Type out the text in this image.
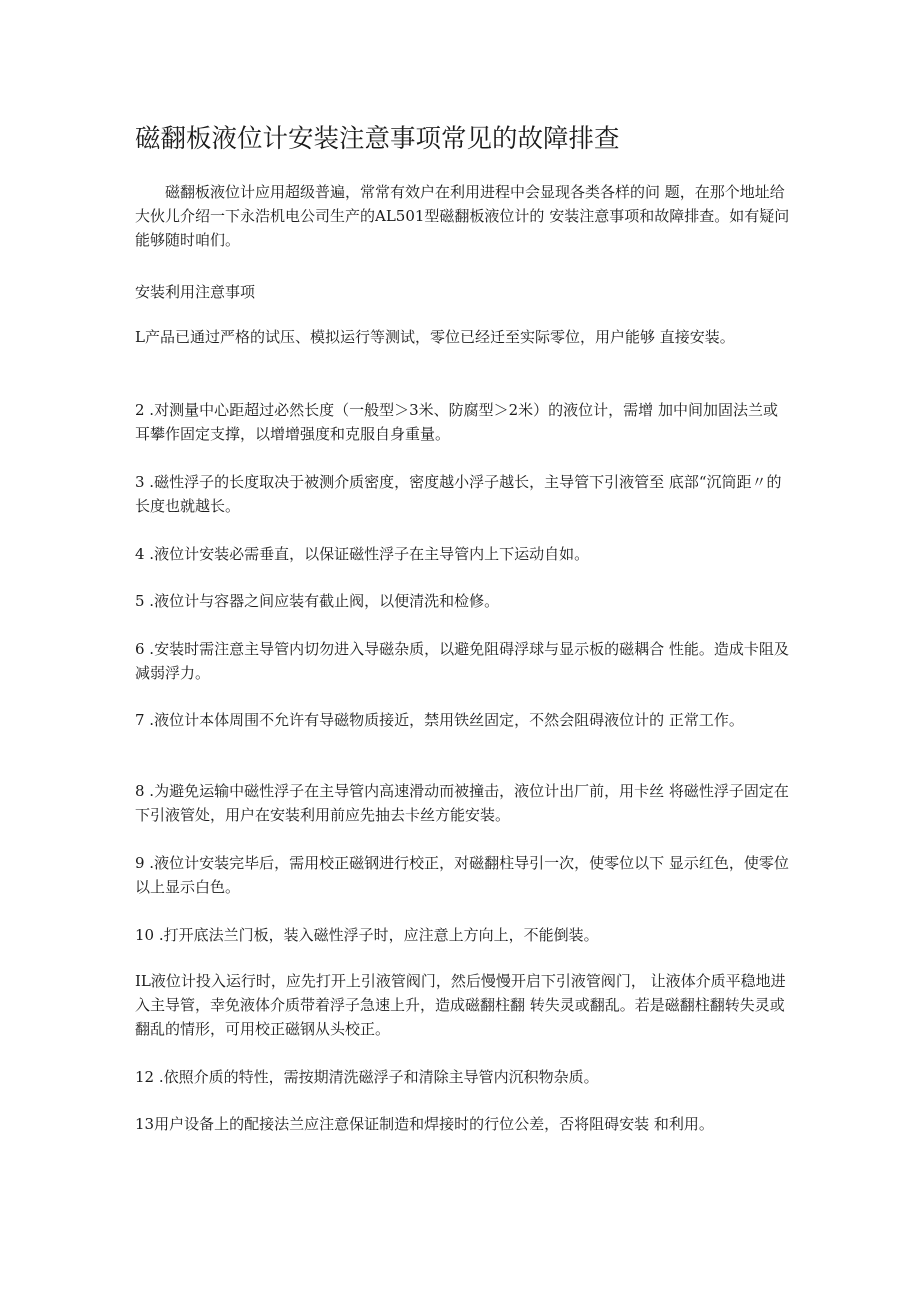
磁翻板液位计安装注意事项常见的故障排查

磁翻板液位计应用超级普遍，常常有效户在利用进程中会显现各类各样的问 题，在那个地址给大伙儿介绍一下永浩机电公司生产的AL501型磁翻板液位计的 安装注意事项和故障排查。如有疑问能够随时咱们。

安装利用注意事项

L产品已通过严格的试压、模拟运行等测试，零位已经迁至实际零位，用户能够 直接安装。

2 .对测量中心距超过必然长度（一般型＞3米、防腐型＞2米）的液位计，需增 加中间加固法兰或耳攀作固定支撑，以增增强度和克服自身重量。

3 .磁性浮子的长度取决于被测介质密度，密度越小浮子越长，主导管下引液管至 底部“沉筒距〃的长度也就越长。

4 .液位计安装必需垂直，以保证磁性浮子在主导管内上下运动自如。

5 .液位计与容器之间应装有截止阀，以便清洗和检修。

6 .安装时需注意主导管内切勿进入导磁杂质，以避免阻碍浮球与显示板的磁耦合 性能。造成卡阻及减弱浮力。

7 .液位计本体周围不允许有导磁物质接近，禁用铁丝固定，不然会阻碍液位计的 正常工作。

8 .为避免运输中磁性浮子在主导管内高速滑动而被撞击，液位计出厂前，用卡丝 将磁性浮子固定在下引液管处，用户在安装利用前应先抽去卡丝方能安装。

9 .液位计安装完毕后，需用校正磁钢进行校正，对磁翻柱导引一次，使零位以下 显示红色，使零位以上显示白色。

10 .打开底法兰门板，装入磁性浮子时，应注意上方向上，不能倒装。

IL液位计投入运行时，应先打开上引液管阀门，然后慢慢开启下引液管阀门， 让液体介质平稳地进入主导管，幸免液体介质带着浮子急速上升，造成磁翻柱翻 转失灵或翻乱。若是磁翻柱翻转失灵或翻乱的情形，可用校正磁钢从头校正。

12 .依照介质的特性，需按期清洗磁浮子和清除主导管内沉积物杂质。

13用户设备上的配接法兰应注意保证制造和焊接时的行位公差，否将阻碍安装 和利用。
